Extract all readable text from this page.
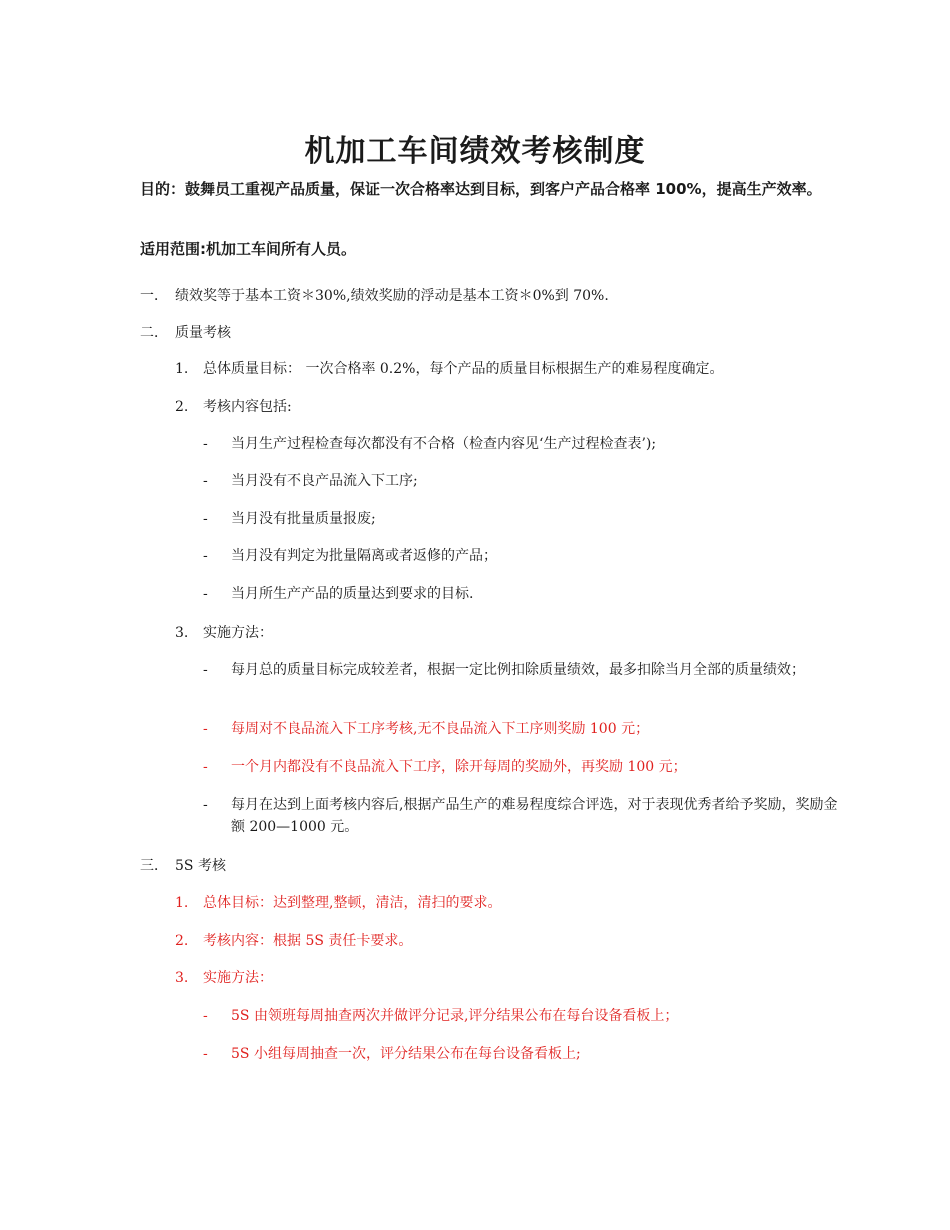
机加工车间绩效考核制度

目的：鼓舞员工重视产品质量，保证一次合格率达到目标，到客户产品合格率 100%，提高生产效率。

适用范围:机加工车间所有人员。

一． 绩效奖等于基本工资＊30%,绩效奖励的浮动是基本工资＊0%到 70%.
二． 质量考核
1. 总体质量目标： 一次合格率 0.2%，每个产品的质量目标根据生产的难易程度确定。
2. 考核内容包括:
- 当月生产过程检查每次都没有不合格（检查内容见‘生产过程检查表’);
- 当月没有不良产品流入下工序;
- 当月没有批量质量报废;
- 当月没有判定为批量隔离或者返修的产品；
- 当月所生产产品的质量达到要求的目标.
3. 实施方法：
- 每月总的质量目标完成较差者，根据一定比例扣除质量绩效，最多扣除当月全部的质量绩效；

- 每周对不良品流入下工序考核,无不良品流入下工序则奖励 100 元；
- 一个月内都没有不良品流入下工序，除开每周的奖励外，再奖励 100 元；
- 每月在达到上面考核内容后,根据产品生产的难易程度综合评选，对于表现优秀者给予奖励，奖励金额 200—1000 元。

三． 5S 考核
1. 总体目标：达到整理,整顿，清洁，清扫的要求。
2. 考核内容：根据 5S 责任卡要求。
3. 实施方法：
- 5S 由领班每周抽查两次并做评分记录,评分结果公布在每台设备看板上；
- 5S 小组每周抽查一次，评分结果公布在每台设备看板上;
